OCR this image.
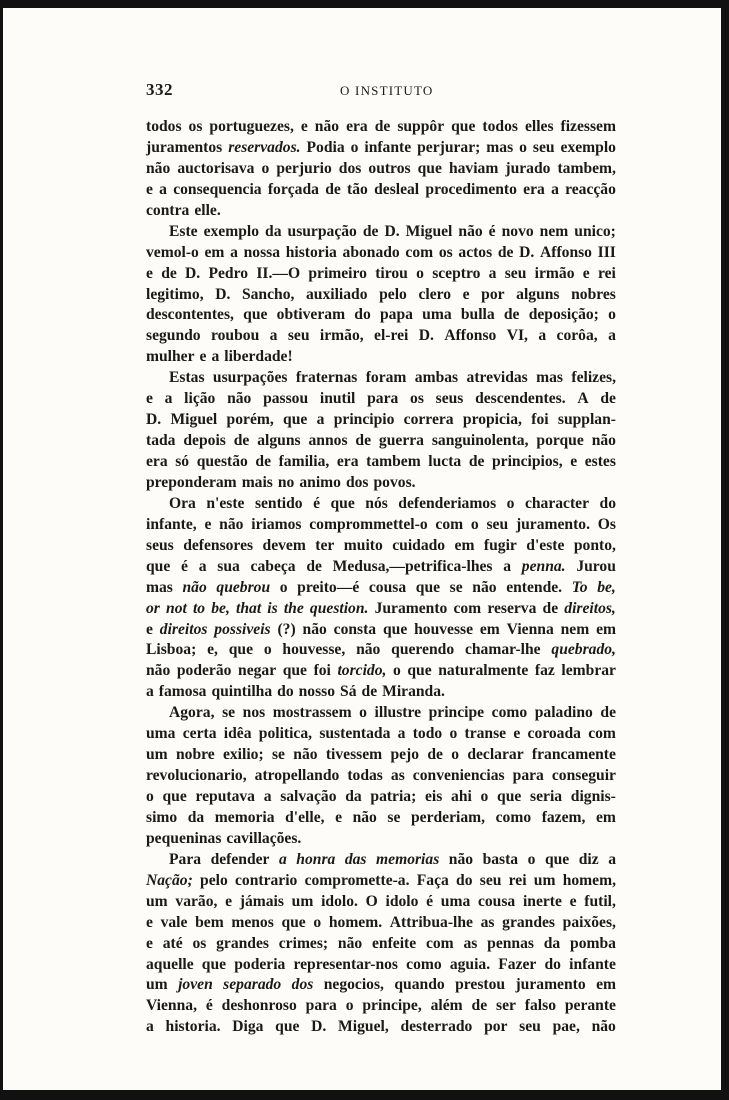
332	O INSTITUTO
todos os portuguezes, e não era de suppôr que todos elles fizessem
juramentos reservados. Podia o infante perjurar; mas o seu exemplo
não auctorisava o perjurio dos outros que haviam jurado tambem,
e a consequencia forçada de tão desleal procedimento era a reacção
contra elle.
Este exemplo da usurpação de D. Miguel não é novo nem unico;
vemol-o em a nossa historia abonado com os actos de D. Affonso III
e de D. Pedro II.—O primeiro tirou o sceptro a seu irmão e rei
legitimo, D. Sancho, auxiliado pelo clero e por alguns nobres
descontentes, que obtiveram do papa uma bulla de deposição; o
segundo roubou a seu irmão, el-rei D. Affonso VI, a corôa, a
mulher e a liberdade!
Estas usurpações fraternas foram ambas atrevidas mas felizes,
e a lição não passou inutil para os seus descendentes. A de
D. Miguel porém, que a principio correra propicia, foi supplan-
tada depois de alguns annos de guerra sanguinolenta, porque não
era só questão de familia, era tambem lucta de principios, e estes
preponderam mais no animo dos povos.
Ora n'este sentido é que nós defenderiamos o character do
infante, e não iriamos comprommettel-o com o seu juramento. Os
seus defensores devem ter muito cuidado em fugir d'este ponto,
que é a sua cabeça de Medusa,—petrifica-lhes a penna. Jurou
mas não quebrou o preito—é cousa que se não entende. To be,
or not to be, that is the question. Juramento com reserva de direitos,
e direitos possiveis (?) não consta que houvesse em Vienna nem em
Lisboa; e, que o houvesse, não querendo chamar-lhe quebrado,
não poderão negar que foi torcido, o que naturalmente faz lembrar
a famosa quintilha do nosso Sá de Miranda.
Agora, se nos mostrassem o illustre principe como paladino de
uma certa idêa politica, sustentada a todo o transe e coroada com
um nobre exilio; se não tivessem pejo de o declarar francamente
revolucionario, atropellando todas as conveniencias para conseguir
o que reputava a salvação da patria; eis ahi o que seria dignis-
simo da memoria d'elle, e não se perderiam, como fazem, em
pequeninas cavillações.
Para defender a honra das memorias não basta o que diz a
Nação; pelo contrario compromette-a. Faça do seu rei um homem,
um varão, e jámais um idolo. O idolo é uma cousa inerte e futil,
e vale bem menos que o homem. Attribua-lhe as grandes paixões,
e até os grandes crimes; não enfeite com as pennas da pomba
aquelle que poderia representar-nos como aguia. Fazer do infante
um joven separado dos negocios, quando prestou juramento em
Vienna, é deshonroso para o principe, além de ser falso perante
a historia. Diga que D. Miguel, desterrado por seu pae, não
